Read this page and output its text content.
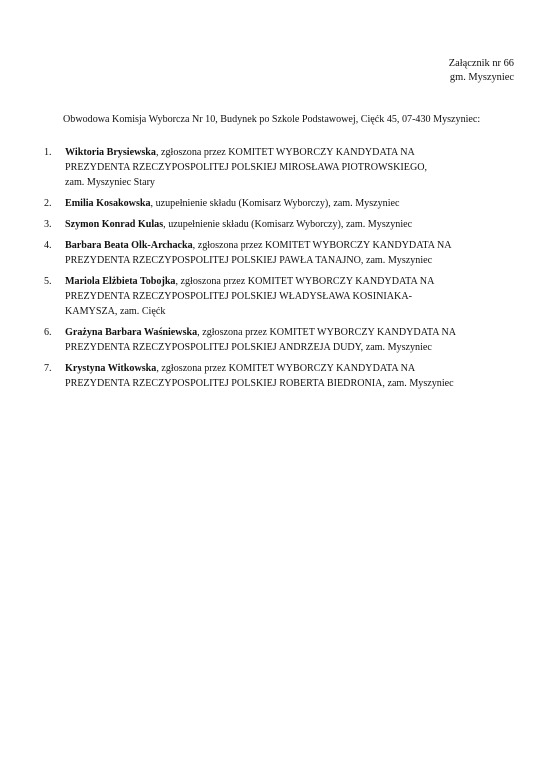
Załącznik nr 66
gm. Myszyniec
Obwodowa Komisja Wyborcza Nr 10, Budynek po Szkole Podstawowej, Cięćk 45, 07-430 Myszyniec:
1. Wiktoria Brysiewska, zgłoszona przez KOMITET WYBORCZY KANDYDATA NA
PREZYDENTA RZECZYPOSPOLITEJ POLSKIEJ MIROSŁAWA PIOTROWSKIEGO,
zam. Myszyniec Stary
2. Emilia Kosakowska, uzupełnienie składu (Komisarz Wyborczy), zam. Myszyniec
3. Szymon Konrad Kulas, uzupełnienie składu (Komisarz Wyborczy), zam. Myszyniec
4. Barbara Beata Olk-Archacka, zgłoszona przez KOMITET WYBORCZY KANDYDATA NA
PREZYDENTA RZECZYPOSPOLITEJ POLSKIEJ PAWŁA TANAJNO, zam. Myszyniec
5. Mariola Elżbieta Tobojka, zgłoszona przez KOMITET WYBORCZY KANDYDATA NA
PREZYDENTA RZECZYPOSPOLITEJ POLSKIEJ WŁADYSŁAWA KOSINIAKA-
KAMYSZA, zam. Cięćk
6. Grażyna Barbara Waśniewska, zgłoszona przez KOMITET WYBORCZY KANDYDATA NA
PREZYDENTA RZECZYPOSPOLITEJ POLSKIEJ ANDRZEJA DUDY, zam. Myszyniec
7. Krystyna Witkowska, zgłoszona przez KOMITET WYBORCZY KANDYDATA NA
PREZYDENTA RZECZYPOSPOLITEJ POLSKIEJ ROBERTA BIEDRONIA, zam. Myszyniec
